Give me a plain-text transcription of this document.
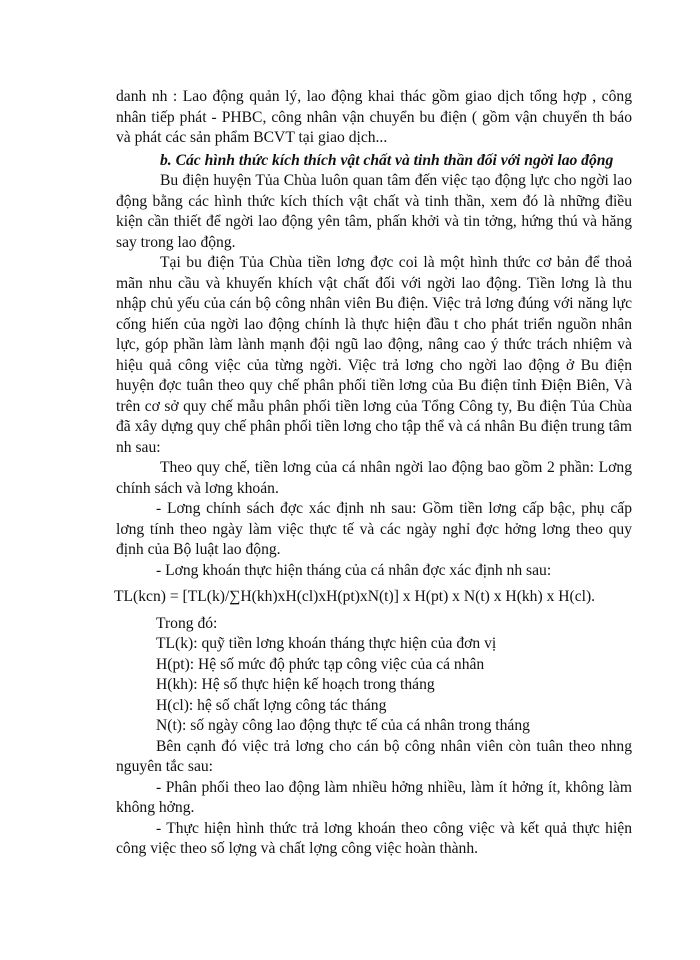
danh nh : Lao động quản lý, lao động khai thác gồm giao dịch tổng hợp , công nhân tiếp phát - PHBC, công nhân vận chuyển bu điện ( gồm vận chuyển th báo và phát các sản phẩm BCVT tại giao dịch...

b. Các hình thức kích thích vật chất và tinh thần đối với ngời lao động

Bu điện huyện Tủa Chùa luôn quan tâm đến việc tạo động lực cho ngời lao động bằng các hình thức kích thích vật chất và tinh thần, xem đó là những điều kiện cần thiết để ngời lao động yên tâm, phấn khởi và tin tởng, hứng thú và hăng say trong lao động.

Tại bu điện Tủa Chùa tiền lơng đợc coi là một hình thức cơ bản để thoả mãn nhu cầu và khuyến khích vật chất đối với ngời lao động. Tiền lơng là thu nhập chủ yếu của cán bộ công nhân viên Bu điện. Việc trả lơng đúng với năng lực cống hiến của ngời lao động chính là thực hiện đầu t cho phát triển nguồn nhân lực, góp phần làm lành mạnh đội ngũ lao động, nâng cao ý thức trách nhiệm và hiệu quả công việc của từng ngời. Việc trả lơng cho ngời lao động ở Bu điện huyện đợc tuân theo quy chế phân phối tiền lơng của Bu điện tỉnh Điện Biên, Và trên cơ sở quy chế mẫu phân phối tiền lơng của Tổng Công ty, Bu điện Tủa Chùa đã xây dựng quy chế phân phối tiền lơng cho tập thể và cá nhân Bu điện trung tâm nh sau:

Theo quy chế, tiền lơng của cá nhân ngời lao động bao gồm 2 phần: Lơng chính sách và lơng khoán.

- Lơng chính sách đợc xác định nh sau: Gồm tiền lơng cấp bậc, phụ cấp lơng tính theo ngày làm việc thực tế và các ngày nghỉ đợc hởng lơng theo quy định của Bộ luật lao động.

- Lơng khoán thực hiện tháng của cá nhân đợc xác định nh sau:

TL(kcn) = [TL(k)/∑H(kh)xH(cl)xH(pt)xN(t)] x H(pt) x N(t) x H(kh) x H(cl).

Trong đó:

TL(k): quỹ tiền lơng khoán tháng thực hiện của đơn vị

H(pt): Hệ số mức độ phức tạp công việc của cá nhân

H(kh): Hệ số thực hiện kế hoạch trong tháng

H(cl): hệ số chất lợng công tác tháng

N(t): số ngày công lao động thực tế của cá nhân trong tháng

Bên cạnh đó việc trả lơng cho cán bộ công nhân viên còn tuân theo nhng nguyên tắc sau:

- Phân phối theo lao động làm nhiều hởng nhiều, làm ít hởng ít, không làm không hởng.

- Thực hiện hình thức trả lơng khoán theo công việc và kết quả thực hiện công việc theo số lợng và chất lợng công việc hoàn thành.
